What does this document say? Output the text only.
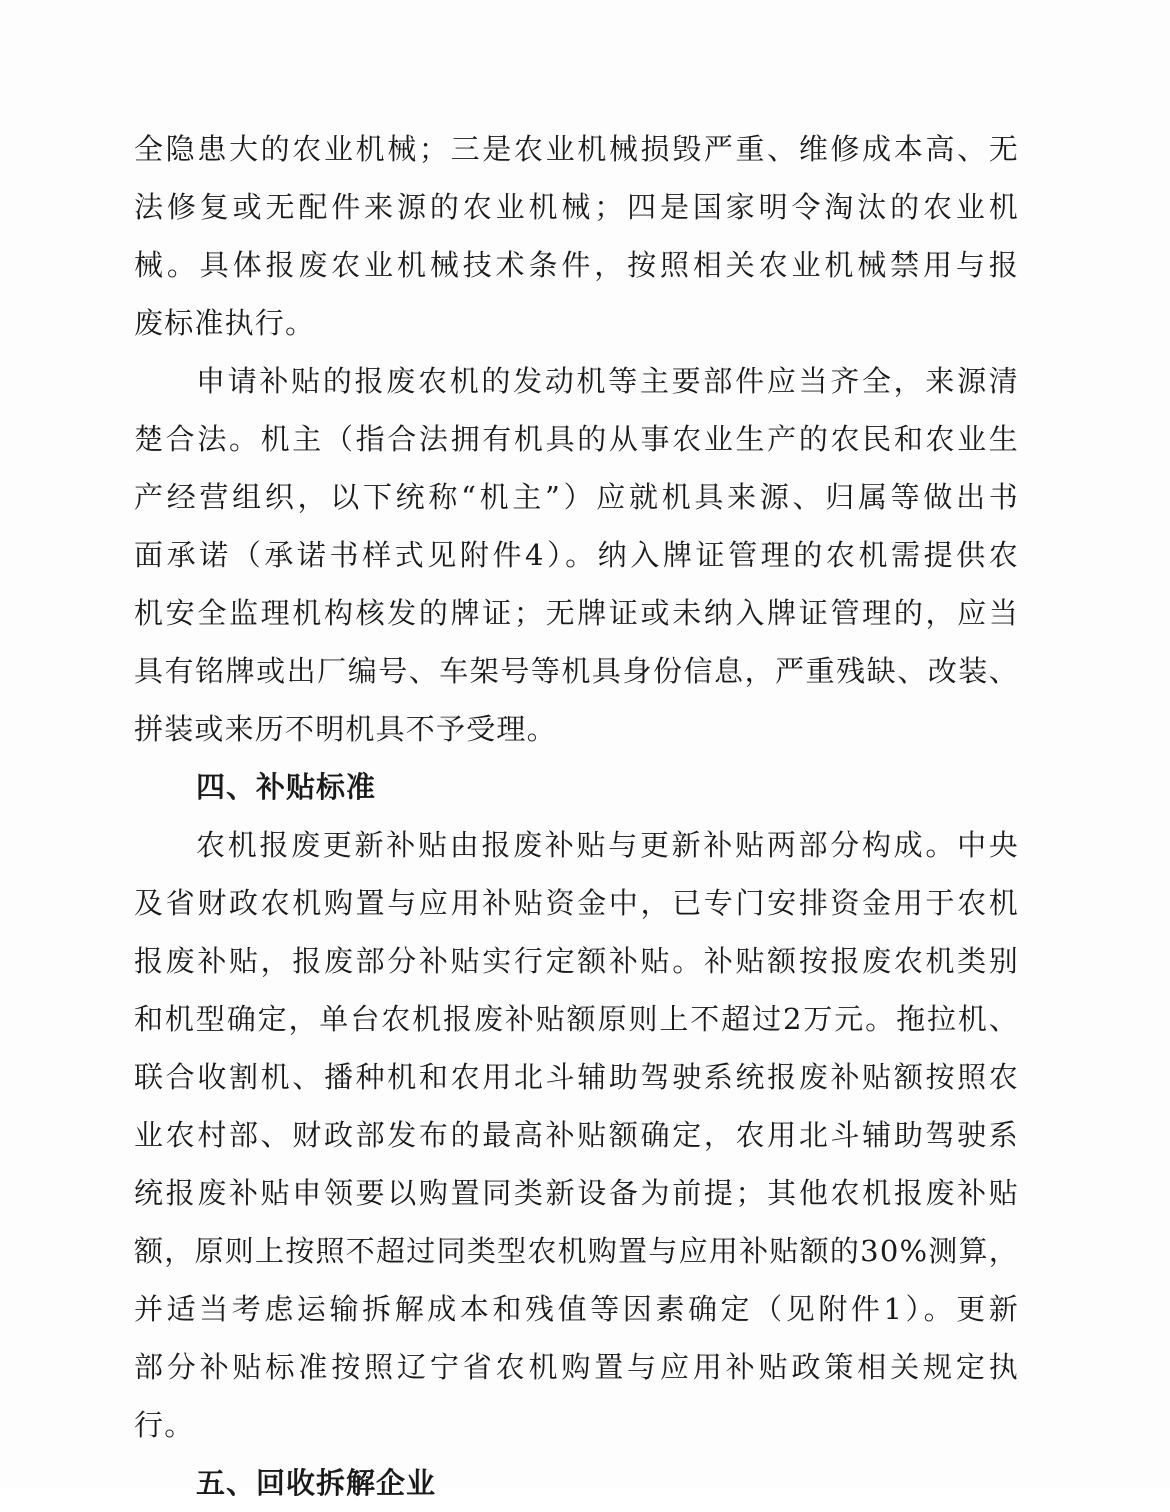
全隐患大的农业机械；三是农业机械损毁严重、维修成本高、无
法修复或无配件来源的农业机械；四是国家明令淘汰的农业机
械。具体报废农业机械技术条件，按照相关农业机械禁用与报
废标准执行。
申请补贴的报废农机的发动机等主要部件应当齐全，来源清
楚合法。机主（指合法拥有机具的从事农业生产的农民和农业生
产经营组织，以下统称“机主”）应就机具来源、归属等做出书
面承诺（承诺书样式见附件4）。纳入牌证管理的农机需提供农
机安全监理机构核发的牌证；无牌证或未纳入牌证管理的，应当
具有铭牌或出厂编号、车架号等机具身份信息，严重残缺、改装、
拼装或来历不明机具不予受理。
四、补贴标准
农机报废更新补贴由报废补贴与更新补贴两部分构成。中央
及省财政农机购置与应用补贴资金中，已专门安排资金用于农机
报废补贴，报废部分补贴实行定额补贴。补贴额按报废农机类别
和机型确定，单台农机报废补贴额原则上不超过2万元。拖拉机、
联合收割机、播种机和农用北斗辅助驾驶系统报废补贴额按照农
业农村部、财政部发布的最高补贴额确定，农用北斗辅助驾驶系
统报废补贴申领要以购置同类新设备为前提；其他农机报废补贴
额，原则上按照不超过同类型农机购置与应用补贴额的30%测算，
并适当考虑运输拆解成本和残值等因素确定（见附件1）。更新
部分补贴标准按照辽宁省农机购置与应用补贴政策相关规定执
行。
五、回收拆解企业
